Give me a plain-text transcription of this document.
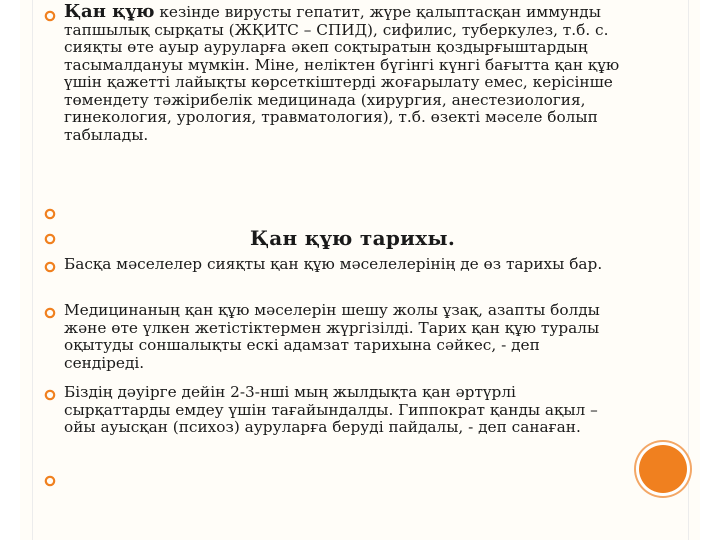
Қан құю кезінде вирусты гепатит, жүре қалыптасқан иммунды тапшылық сырқаты (ЖҚИТС – СПИД), сифилис, туберкулез, т.б. с. сияқты өте ауыр ауруларға әкеп соқтыратын қоздырғыштардың тасымалдануы мүмкін. Міне, неліктен бүгінгі күнгі бағытта қан құю үшін қажетті лайықты көрсеткіштерді жоғарылату емес, керісінше төмендету тәжірибелік медицинада (хирургия, анестезиология, гинекология, урология, травматология), т.б. өзекті мәселе болып табылады.

Қан құю тарихы.

Басқа мәселелер сияқты қан құю мәселелерінің де өз тарихы бар.

Медицинаның қан құю мәселерін шешу жолы ұзақ, азапты болды және өте үлкен жетістіктермен жүргізілді. Тарих қан құю туралы оқытуды соншалықты ескі адамзат тарихына сәйкес, - деп сендіреді.

Біздің дәуірге дейін 2-3-нші мың жылдықта қан әртүрлі сырқаттарды емдеу үшін тағайындалды. Гиппократ қанды ақыл – ойы ауысқан (психоз) ауруларға беруді пайдалы, - деп санаған.
